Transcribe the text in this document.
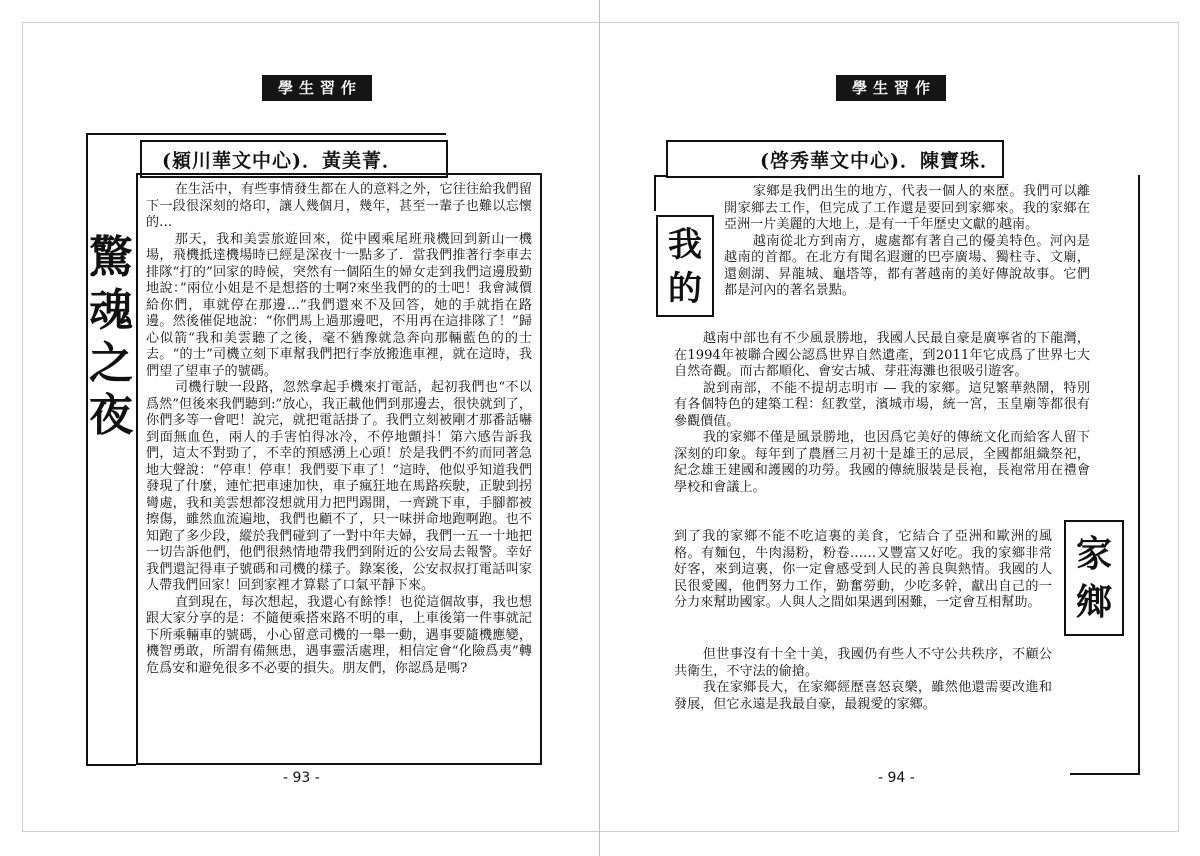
學生習作
(潁川華文中心)．黃美菁．
驚
魂
之
夜

在生活中，有些事情發生都在人的意料之外，它往往給我們留下一段很深刻的烙印，讓人幾個月，幾年，甚至一輩子也難以忘懷的…

那天，我和美雲旅遊回來，從中國乘尾班飛機回到新山一機場，飛機抵達機場時已經是深夜十一點多了．當我們推著行李車去排隊“打的”回家的時候，突然有一個陌生的婦女走到我們這邊殷勤地說：”兩位小姐是不是想搭的士啊?來坐我們的的士吧！我會減價給你們，車就停在那邊…”我們還來不及回答，她的手就指在路邊。然後催促地說：“你們馬上過那邊吧，不用再在這排隊了！”歸心似箭“我和美雲聽了之後，毫不猶豫就急奔向那輛藍色的的士去。“的士”司機立刻下車幫我們把行李放搬進車裡，就在這時，我們望了望車子的號碼。

司機行駛一段路，忽然拿起手機來打電話，起初我們也“不以爲然”但後來我們聽到:”放心，我正載他們到那邊去，很快就到了，你們多等一會吧！說完，就把電話掛了。我們立刻被剛才那番話嚇到面無血色，兩人的手害怕得冰冷，不停地顫抖！第六感告訴我們，這太不對勁了，不幸的預感湧上心頭！於是我們不約而同著急地大聲說：“停車！停車！我們要下車了！“這時，他似乎知道我們發現了什麼，連忙把車速加快，車子瘋狂地在馬路疾駛，正駛到拐彎處，我和美雲想都沒想就用力把門踢開，一齊跳下車，手腳都被擦傷，雖然血流遍地，我們也顧不了，只一味拼命地跑啊跑。也不知跑了多少段，縱於我們碰到了一對中年夫婦，我們一五一十地把一切告訴他們，他們很熱情地帶我們到附近的公安局去報警。幸好我們還記得車子號碼和司機的樣子。錄案後，公安叔叔打電話叫家人帶我們回家！回到家裡才算鬆了口氣平靜下來。

直到現在，每次想起，我還心有餘悸！也從這個故事，我也想跟大家分享的是：不隨便乘搭來路不明的車，上車後第一件事就記下所乘輛車的號碼，小心留意司機的一舉一動，遇事要隨機應變，機智勇敢，所謂有備無患，遇事靈活處理，相信定會“化險爲夷”轉危爲安和避免很多不必要的損失。朋友們，你認爲是嗎?

- 93 -
學生習作
(啓秀華文中心)．陳寶珠．
我
的
家
鄉

家鄉是我們出生的地方，代表一個人的來歷。我們可以離開家鄉去工作，但完成了工作還是要回到家鄉來。我的家鄉在亞洲一片美麗的大地上，是有一千年歷史文獻的越南。

越南從北方到南方，處處都有著自己的優美特色。河內是越南的首都。在北方有聞名遐邇的巴亭廣場、獨柱寺、文廟，還劍湖、昇龍城、龜塔等，都有著越南的美好傳說故事。它們都是河內的著名景點。

越南中部也有不少風景勝地，我國人民最自豪是廣寧省的下龍灣，在1994年被聯合國公認爲世界自然遺產，到2011年它成爲了世界七大自然奇觀。而古都順化、會安古城、芽莊海灘也很吸引遊客。

說到南部，不能不提胡志明市 — 我的家鄉。這兒繁華熱鬧，特別有各個特色的建築工程：紅教堂，濱城市場，統一宮，玉皇廟等都很有參觀價值。

我的家鄉不僅是風景勝地，也因爲它美好的傳統文化而給客人留下深刻的印象。每年到了農曆三月初十是雄王的忌辰，全國都組織祭祀，紀念雄王建國和護國的功勞。我國的傳統服裝是長袍，長袍常用在禮會學校和會議上。

到了我的家鄉不能不吃這裏的美食，它結合了亞洲和歐洲的風格。有麵包，牛肉湯粉，粉卷……又豐富又好吃。我的家鄉非常好客，來到這裏，你一定會感受到人民的善良與熱情。我國的人民很愛國，他們努力工作，勤奮勞動，少吃多幹，獻出自己的一分力來幫助國家。人與人之間如果遇到困難，一定會互相幫助。

但世事沒有十全十美，我國仍有些人不守公共秩序，不顧公共衛生，不守法的偷搶。

我在家鄉長大，在家鄉經歷喜怒哀樂，雖然他還需要改進和發展，但它永遠是我最自豪，最親愛的家鄉。

- 94 -
